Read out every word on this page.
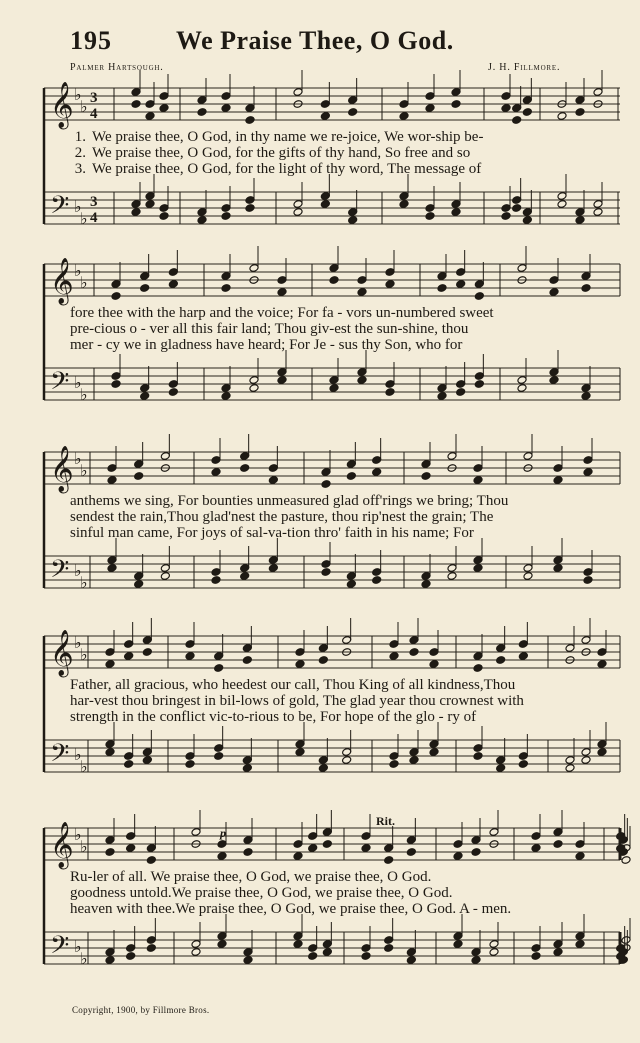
195 We Praise Thee, O God.
Palmer Hartsough.	J. H. Fillmore.
𝄞
𝄢
♭
♭
♭
♭
3
4
3
4
1. We praise thee, O God, in thy name we re-joice, We wor-ship be-
2. We praise thee, O God, for the gifts of thy hand, So free and so
3. We praise thee, O God, for the light of thy word, The message of
𝄞
𝄢
♭
♭
♭
♭
fore thee with the harp and the voice; For fa - vors un-numbered sweet
pre-cious o - ver all this fair land; Thou giv-est the sun-shine, thou
mer - cy we in gladness have heard; For Je - sus thy Son, who for
𝄞
𝄢
♭
♭
♭
♭
anthems we sing, For bounties unmeasured glad off'rings we bring; Thou
sendest the rain,Thou glad'nest the pasture, thou rip'nest the grain; The
sinful man came, For joys of sal-va-tion thro' faith in his name; For
𝄞
𝄢
♭
♭
♭
♭
Father, all gracious, who heedest our call, Thou King of all kindness,Thou
har-vest thou bringest in bil-lows of gold, The glad year thou crownest with
strength in the conflict vic-to-rious to be, For hope of the glo - ry of
𝄞
𝄢
♭
♭
♭
♭
Ru-ler of all. We praise thee, O God, we praise thee, O God.
goodness untold.We praise thee, O God, we praise thee, O God.
heaven with thee.We praise thee, O God, we praise thee, O God. A - men.
Rit.
p
Copyright, 1900, by Fillmore Bros.
